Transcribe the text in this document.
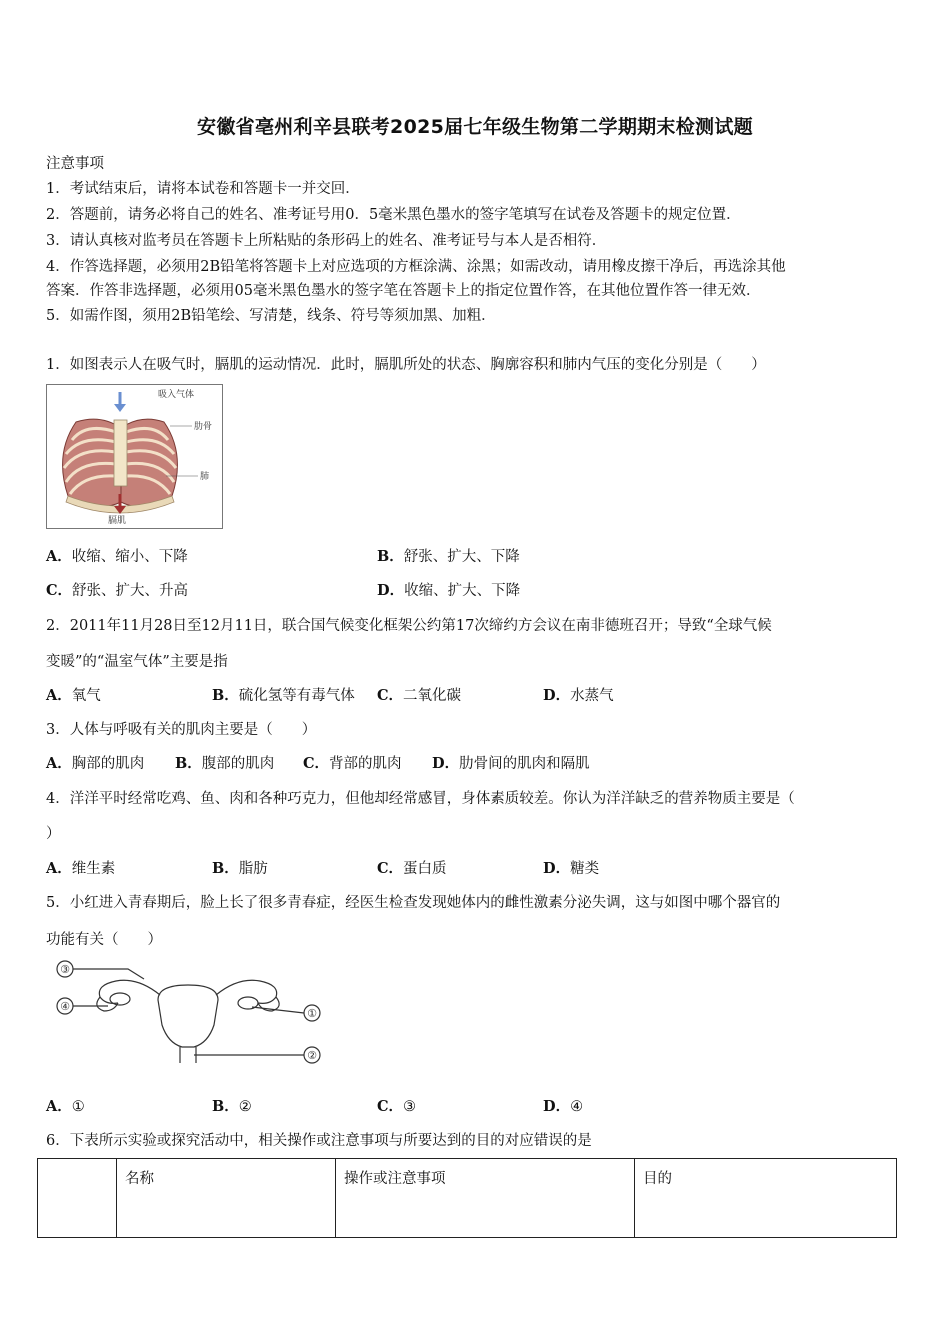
安徽省亳州利辛县联考2025届七年级生物第二学期期末检测试题
注意事项
1．考试结束后，请将本试卷和答题卡一并交回．
2．答题前，请务必将自己的姓名、准考证号用0．5毫米黑色墨水的签字笔填写在试卷及答题卡的规定位置．
3．请认真核对监考员在答题卡上所粘贴的条形码上的姓名、准考证号与本人是否相符．
4．作答选择题，必须用2B铅笔将答题卡上对应选项的方框涂满、涂黑；如需改动，请用橡皮擦干净后，再选涂其他
答案．作答非选择题，必须用05毫米黑色墨水的签字笔在答题卡上的指定位置作答，在其他位置作答一律无效．
5．如需作图，须用2B铅笔绘、写清楚，线条、符号等须加黑、加粗．
1．如图表示人在吸气时，膈肌的运动情况．此时，膈肌所处的状态、胸廓容积和肺内气压的变化分别是（　　）
吸入气体
肋骨
肺
膈肌
A．收缩、缩小、下降	B．舒张、扩大、下降
C．舒张、扩大、升高	D．收缩、扩大、下降
2．2011年11月28日至12月11日，联合国气候变化框架公约第17次缔约方会议在南非德班召开；导致“全球气候
变暖”的“温室气体”主要是指
A．氧气	B．硫化氢等有毒气体 C．二氧化碳	D．水蒸气
3．人体与呼吸有关的肌肉主要是（　　）
A．胸部的肌肉 B．腹部的肌肉 C．背部的肌肉 D．肋骨间的肌肉和隔肌
4．洋洋平时经常吃鸡、鱼、肉和各种巧克力，但他却经常感冒，身体素质较差。你认为洋洋缺乏的营养物质主要是（
）
A．维生素	B．脂肪	C．蛋白质	D．糖类
5．小红进入青春期后，脸上长了很多青春症，经医生检查发现她体内的雌性激素分泌失调，这与如图中哪个器官的
功能有关（　　）
③
④
①
②
A．①	B．②	C．③	D．④
6．下表所示实验或探究活动中，相关操作或注意事项与所要达到的目的对应错误的是
	名称	操作或注意事项	目的
